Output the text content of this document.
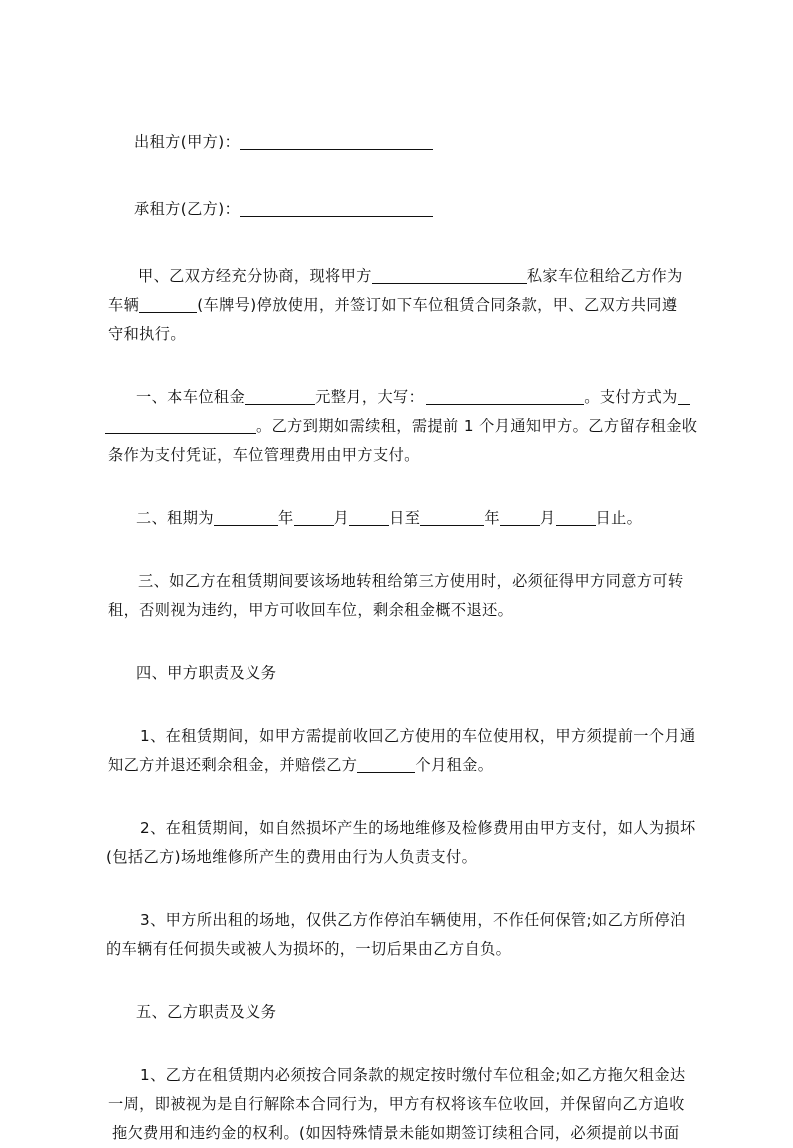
出租方(甲方)：
承租方(乙方)：
甲、乙双方经充分协商，现将甲方	私家车位租给乙方作为
车辆	(车牌号)停放使用，并签订如下车位租赁合同条款，甲、乙双方共同遵
守和执行。
一、本车位租金	元整月，大写：	。支付方式为
。乙方到期如需续租，需提前 1 个月通知甲方。乙方留存租金收
条作为支付凭证，车位管理费用由甲方支付。
二、租期为	年	月	日至	年	月	日止。
三、如乙方在租赁期间要该场地转租给第三方使用时，必须征得甲方同意方可转
租，否则视为违约，甲方可收回车位，剩余租金概不退还。
四、甲方职责及义务
1、在租赁期间，如甲方需提前收回乙方使用的车位使用权，甲方须提前一个月通
知乙方并退还剩余租金，并赔偿乙方	个月租金。
2、在租赁期间，如自然损坏产生的场地维修及检修费用由甲方支付，如人为损坏
(包括乙方)场地维修所产生的费用由行为人负责支付。
3、甲方所出租的场地，仅供乙方作停泊车辆使用，不作任何保管;如乙方所停泊
的车辆有任何损失或被人为损坏的，一切后果由乙方自负。
五、乙方职责及义务
1、乙方在租赁期内必须按合同条款的规定按时缴付车位租金;如乙方拖欠租金达
一周，即被视为是自行解除本合同行为，甲方有权将该车位收回，并保留向乙方追收
拖欠费用和违约金的权利。(如因特殊情景未能如期签订续租合同，必须提前以书面
